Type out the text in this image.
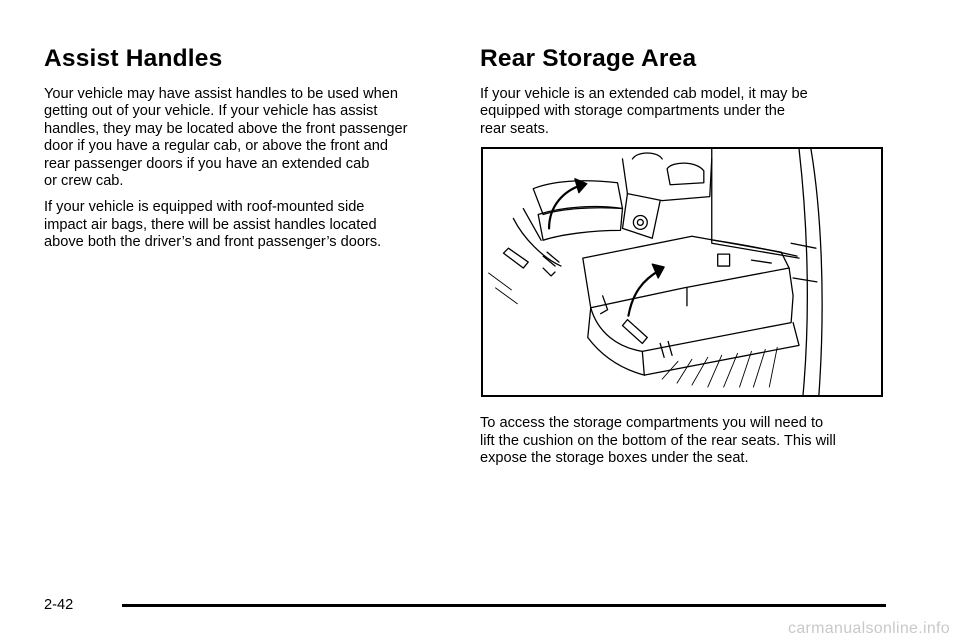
Assist Handles

Your vehicle may have assist handles to be used when
getting out of your vehicle. If your vehicle has assist
handles, they may be located above the front passenger
door if you have a regular cab, or above the front and
rear passenger doors if you have an extended cab
or crew cab.

If your vehicle is equipped with roof-mounted side
impact air bags, there will be assist handles located
above both the driver’s and front passenger’s doors.

Rear Storage Area

If your vehicle is an extended cab model, it may be
equipped with storage compartments under the
rear seats.

To access the storage compartments you will need to
lift the cushion on the bottom of the rear seats. This will
expose the storage boxes under the seat.

2-42
carmanualsonline.info
